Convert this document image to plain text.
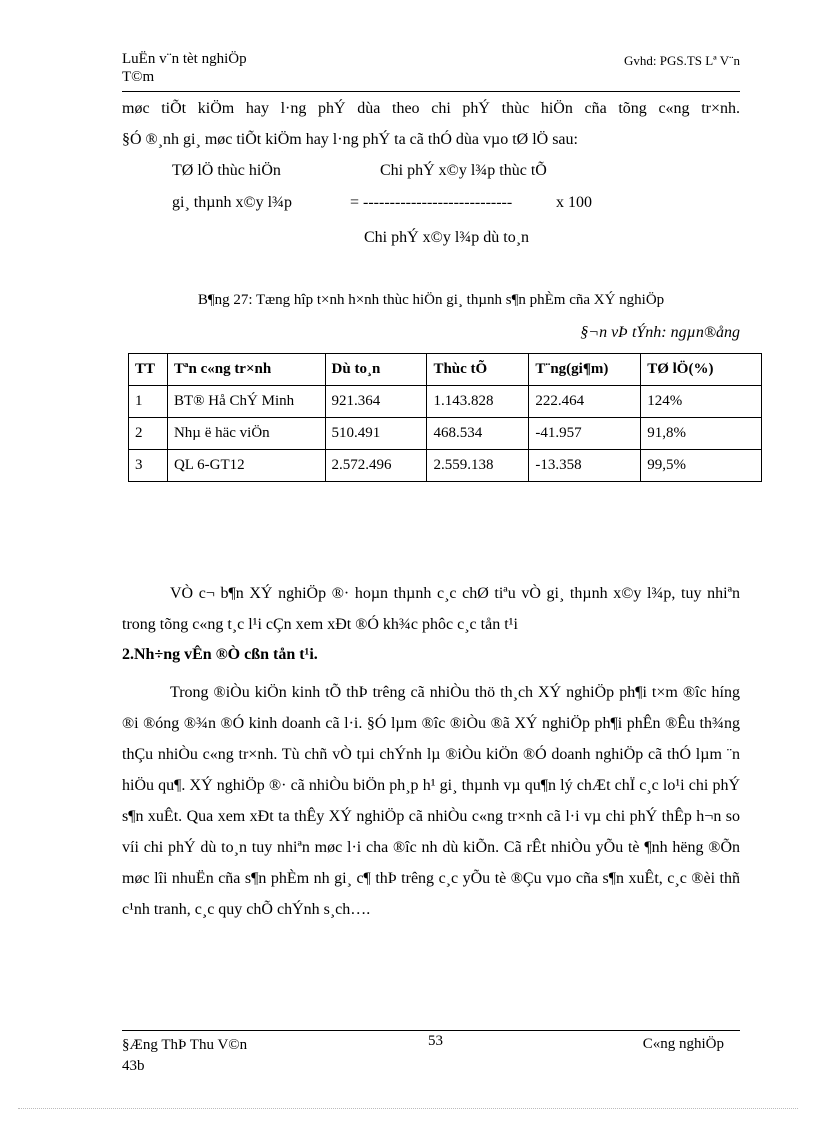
LuËn v¨n tèt nghiÖp
T©m
Gvhd: PGS.TS Lª V¨n
møc tiÕt kiÖm hay l·ng phÝ dùa theo chi phÝ thùc hiÖn cña tõng c«ng tr×nh.
§Ó ®¸nh gi¸ møc tiÕt kiÖm hay l·ng phÝ ta cã thÓ dùa vµo tØ lÖ sau:
TØ lÖ thùc hiÖn	Chi phÝ x©y l¾p thùc tÕ
gi¸ thµnh x©y l¾p	= ----------------------------	x 100
Chi phÝ x©y l¾p dù to¸n
B¶ng 27: Tæng hîp t×nh h×nh thùc hiÖn gi¸ thµnh s¶n phÈm cña XÝ nghiÖp
§¬n vÞ tÝnh: ngµn®ång
TT	Tªn c«ng tr×nh	Dù to¸n	Thùc tÕ	T¨ng(gi¶m)	TØ lÖ(%)
1	BT® Hå ChÝ Minh	921.364	1.143.828	222.464	124%
2	Nhµ ë häc viÖn	510.491	468.534	-41.957	91,8%
3	QL 6-GT12	2.572.496	2.559.138	-13.358	99,5%
VÒ c¬ b¶n XÝ nghiÖp ®· hoµn thµnh c¸c chØ tiªu vÒ gi¸ thµnh x©y l¾p, tuy nhiªn trong tõng c«ng t¸c l¹i cÇn xem xÐt ®Ó kh¾c phôc c¸c tån t¹i
2.Nh÷ng vÊn ®Ò cßn tån t¹i.
Trong ®iÒu kiÖn kinh tÕ thÞ trêng cã nhiÒu thö th¸ch XÝ nghiÖp ph¶i t×m ®îc híng ®i ®óng ®¾n ®Ó kinh doanh cã l·i. §Ó lµm ®îc ®iÒu ®ã XÝ nghiÖp ph¶i phÊn ®Êu th¾ng thÇu nhiÒu c«ng tr×nh. Tù chñ vÒ tµi chÝnh lµ ®iÒu kiÖn ®Ó doanh nghiÖp cã thÓ lµm ¨n hiÖu qu¶. XÝ nghiÖp ®· cã nhiÒu biÖn ph¸p h¹ gi¸ thµnh vµ qu¶n lý chÆt chÏ c¸c lo¹i chi phÝ s¶n xuÊt. Qua xem xÐt ta thÊy XÝ nghiÖp cã nhiÒu c«ng tr×nh cã l·i vµ chi phÝ thÊp h¬n so víi chi phÝ dù to¸n tuy nhiªn møc l·i cha ®îc nh dù kiÕn. Cã rÊt nhiÒu yÕu tè ¶nh hëng ®Õn møc lîi nhuËn cña s¶n phÈm nh gi¸ c¶ thÞ trêng c¸c yÕu tè ®Çu vµo cña s¶n xuÊt, c¸c ®èi thñ c¹nh tranh, c¸c quy chÕ chÝnh s¸ch….
§Æng ThÞ Thu V©n
43b
53	C«ng nghiÖp
